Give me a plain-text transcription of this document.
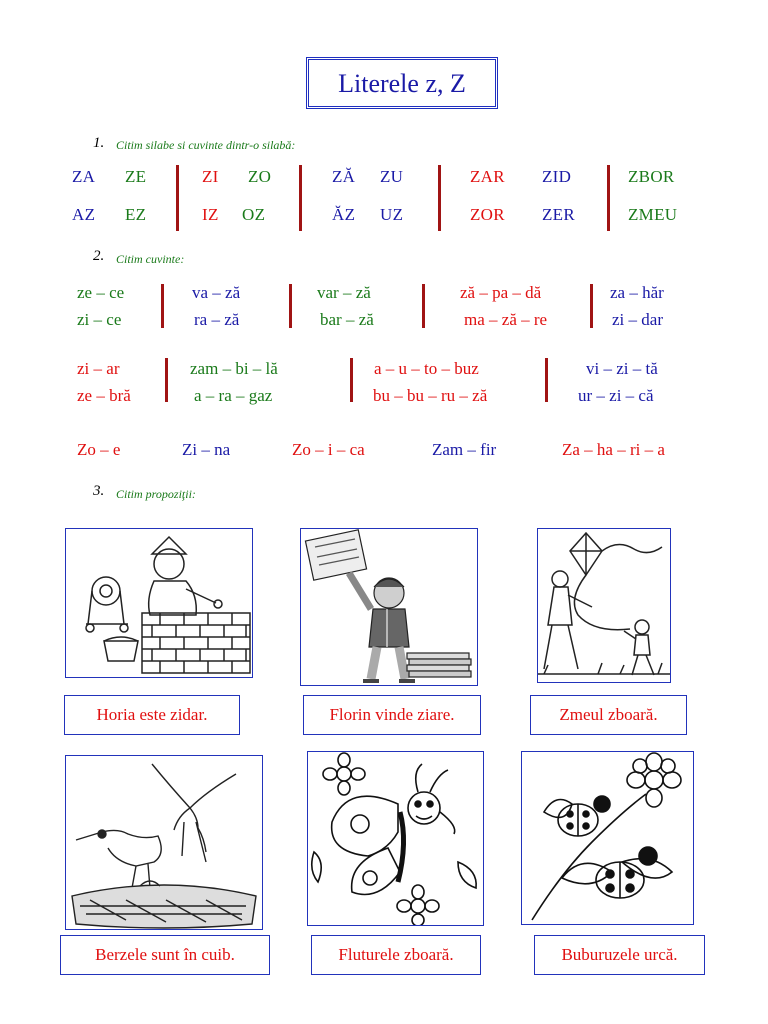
Literele z, Z
1. Citim silabe si cuvinte dintr-o silabă:
ZA ZE	ZI ZO	ZĂ ZU	ZAR ZID	ZBOR
AZ EZ	IZ OZ	ĂZ UZ	ZOR ZER	ZMEU
2. Citim cuvinte:
ze – ce	va – ză	var – ză	ză – pa – dă	za – hăr
zi – ce	ra – ză	bar – ză	ma – ză – re	zi – dar
zi – ar	zam – bi – lă	a – u – to – buz	vi – zi – tă
ze – bră	a – ra – gaz	bu – bu – ru – ză	ur – zi – că
Zo – e	Zi – na	Zo – i – ca	Zam – fir	Za – ha – ri – a
3. Citim propoziţii:
Horia este zidar.	Florin vinde ziare.	Zmeul zboară.
Berzele sunt în cuib.	Fluturele zboară.	Buburuzele urcă.
